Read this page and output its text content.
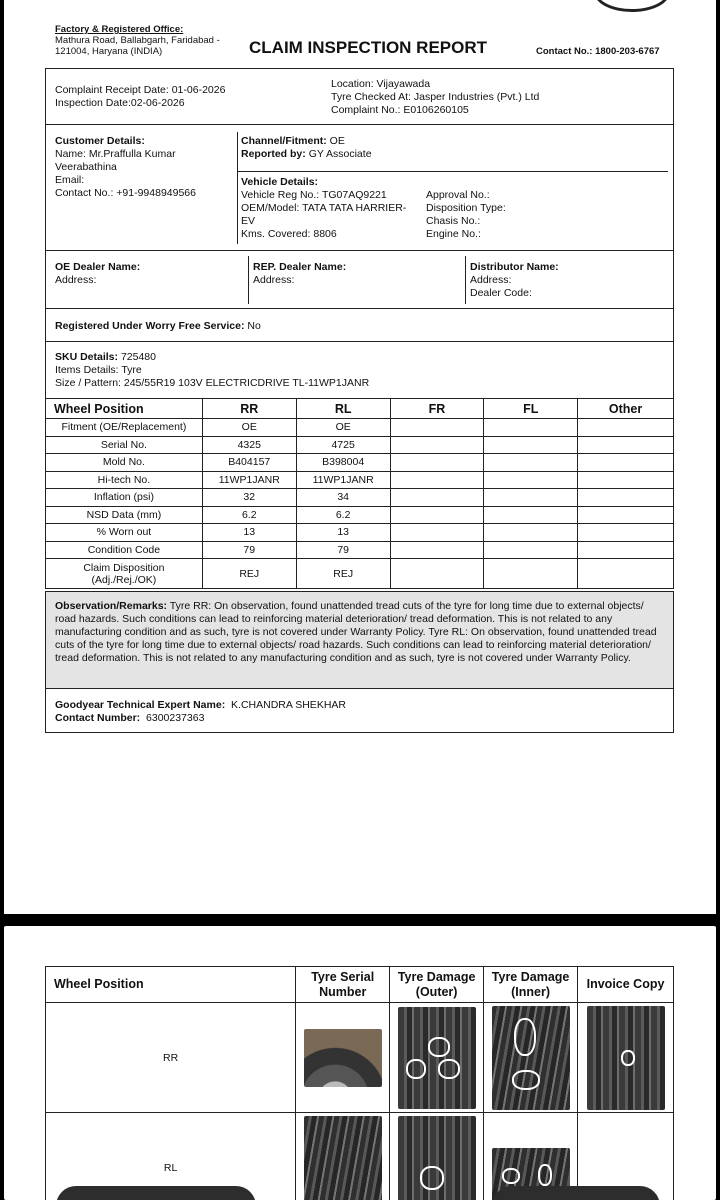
Factory & Registered Office:
Mathura Road, Ballabgarh, Faridabad -
121004, Haryana (INDIA)	CLAIM INSPECTION REPORT	Contact No.: 1800-203-6767
Complaint Receipt Date: 01-06-2026
Inspection Date:02-06-2026
Location: Vijayawada
Tyre Checked At: Jasper Industries (Pvt.) Ltd
Complaint No.: E0106260105
Customer Details:
Name: Mr.Praffulla Kumar
Veerabathina
Email:
Contact No.: +91-9948949566
Channel/Fitment: OE
Reported by: GY Associate
Vehicle Details:
Vehicle Reg No.: TG07AQ9221
OEM/Model: TATA TATA HARRIER-
EV
Kms. Covered: 8806
Approval No.:
Disposition Type:
Chasis No.:
Engine No.:
OE Dealer Name:
Address:
REP. Dealer Name:
Address:
Distributor Name:
Address:
Dealer Code:
Registered Under Worry Free Service: No
SKU Details: 725480
Items Details: Tyre
Size / Pattern: 245/55R19 103V ELECTRICDRIVE TL-11WP1JANR
Wheel Position	RR	RL	FR	FL	Other
Fitment (OE/Replacement)	OE	OE			
Serial No.	4325	4725			
Mold No.	B404157	B398004			
Hi-tech No.	11WP1JANR	11WP1JANR			
Inflation (psi)	32	34			
NSD Data (mm)	6.2	6.2			
% Worn out	13	13			
Condition Code	79	79			
Claim Disposition
(Adj./Rej./OK)	REJ	REJ			
Observation/Remarks: Tyre RR: On observation, found unattended tread cuts of the tyre for long time due to external objects/ road hazards. Such conditions can lead to reinforcing material deterioration/ tread deformation. This is not related to any manufacturing condition and as such, tyre is not covered under Warranty Policy. Tyre RL: On observation, found unattended tread cuts of the tyre for long time due to external objects/ road hazards. Such conditions can lead to reinforcing material deterioration/ tread deformation. This is not related to any manufacturing condition and as such, tyre is not covered under Warranty Policy.
Goodyear Technical Expert Name: K.CHANDRA SHEKHAR
Contact Number: 6300237363
Wheel Position	Tyre Serial Number	Tyre Damage (Outer)	Tyre Damage (Inner)	Invoice Copy
RR	

RL	
